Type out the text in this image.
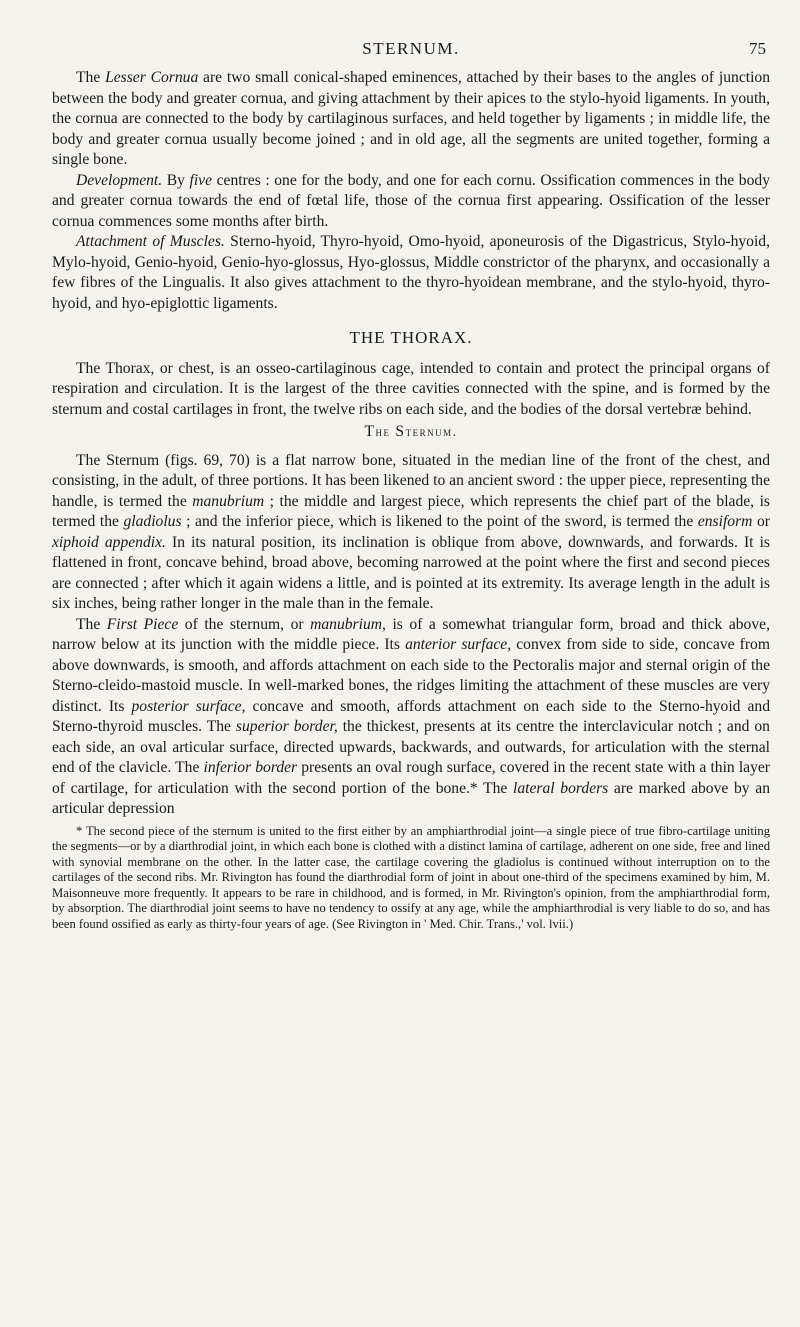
STERNUM.	75

The Lesser Cornua are two small conical-shaped eminences, attached by their bases to the angles of junction between the body and greater cornua, and giving attachment by their apices to the stylo-hyoid ligaments. In youth, the cornua are connected to the body by cartilaginous surfaces, and held together by ligaments ; in middle life, the body and greater cornua usually become joined ; and in old age, all the segments are united together, forming a single bone.

Development. By five centres : one for the body, and one for each cornu. Ossification commences in the body and greater cornua towards the end of fœtal life, those of the cornua first appearing. Ossification of the lesser cornua commences some months after birth.

Attachment of Muscles. Sterno-hyoid, Thyro-hyoid, Omo-hyoid, aponeurosis of the Digastricus, Stylo-hyoid, Mylo-hyoid, Genio-hyoid, Genio-hyo-glossus, Hyo-glossus, Middle constrictor of the pharynx, and occasionally a few fibres of the Lingualis. It also gives attachment to the thyro-hyoidean membrane, and the stylo-hyoid, thyro-hyoid, and hyo-epiglottic ligaments.

THE THORAX.

The Thorax, or chest, is an osseo-cartilaginous cage, intended to contain and protect the principal organs of respiration and circulation. It is the largest of the three cavities connected with the spine, and is formed by the sternum and costal cartilages in front, the twelve ribs on each side, and the bodies of the dorsal vertebræ behind.

The Sternum.

The Sternum (figs. 69, 70) is a flat narrow bone, situated in the median line of the front of the chest, and consisting, in the adult, of three portions. It has been likened to an ancient sword : the upper piece, representing the handle, is termed the manubrium ; the middle and largest piece, which represents the chief part of the blade, is termed the gladiolus ; and the inferior piece, which is likened to the point of the sword, is termed the ensiform or xiphoid appendix. In its natural position, its inclination is oblique from above, downwards, and forwards. It is flattened in front, concave behind, broad above, becoming narrowed at the point where the first and second pieces are connected ; after which it again widens a little, and is pointed at its extremity. Its average length in the adult is six inches, being rather longer in the male than in the female.

The First Piece of the sternum, or manubrium, is of a somewhat triangular form, broad and thick above, narrow below at its junction with the middle piece. Its anterior surface, convex from side to side, concave from above downwards, is smooth, and affords attachment on each side to the Pectoralis major and sternal origin of the Sterno-cleido-mastoid muscle. In well-marked bones, the ridges limiting the attachment of these muscles are very distinct. Its posterior surface, concave and smooth, affords attachment on each side to the Sterno-hyoid and Sterno-thyroid muscles. The superior border, the thickest, presents at its centre the interclavicular notch ; and on each side, an oval articular surface, directed upwards, backwards, and outwards, for articulation with the sternal end of the clavicle. The inferior border presents an oval rough surface, covered in the recent state with a thin layer of cartilage, for articulation with the second portion of the bone.* The lateral borders are marked above by an articular depression

* The second piece of the sternum is united to the first either by an amphiarthrodial joint—a single piece of true fibro-cartilage uniting the segments—or by a diarthrodial joint, in which each bone is clothed with a distinct lamina of cartilage, adherent on one side, free and lined with synovial membrane on the other. In the latter case, the cartilage covering the gladiolus is continued without interruption on to the cartilages of the second ribs. Mr. Rivington has found the diarthrodial form of joint in about one-third of the specimens examined by him, M. Maisonneuve more frequently. It appears to be rare in childhood, and is formed, in Mr. Rivington's opinion, from the amphiarthrodial form, by absorption. The diarthrodial joint seems to have no tendency to ossify at any age, while the amphiarthrodial is very liable to do so, and has been found ossified as early as thirty-four years of age. (See Rivington in ' Med. Chir. Trans.,' vol. lvii.)
